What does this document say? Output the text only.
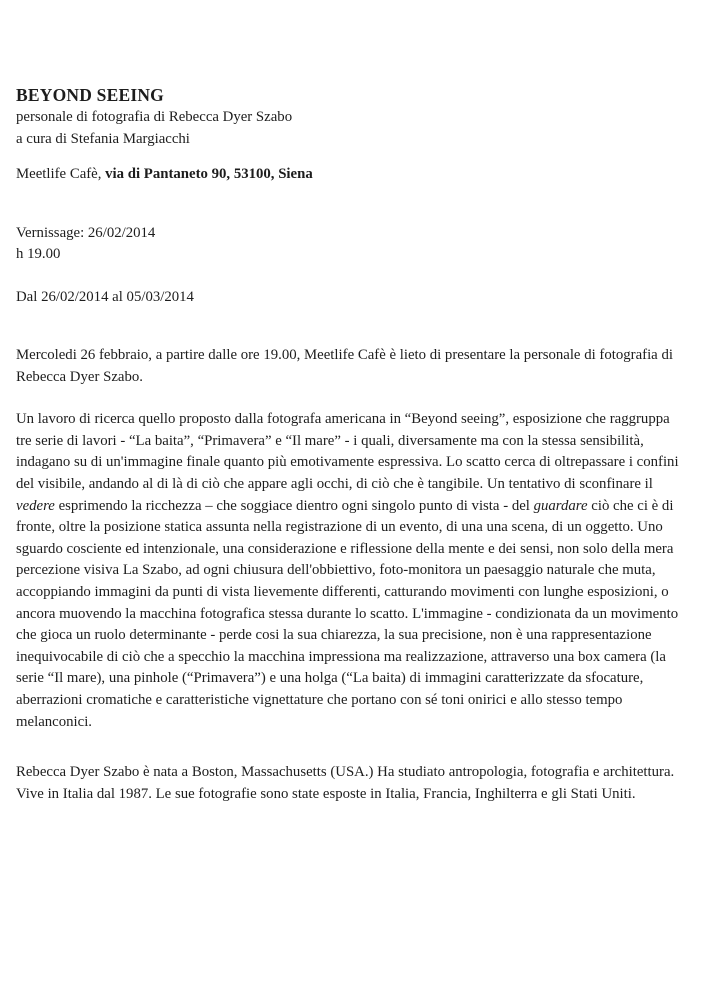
BEYOND SEEING

personale di fotografia di Rebecca Dyer Szabo

a cura di Stefania Margiacchi

Meetlife Cafè, via di Pantaneto 90, 53100, Siena

Vernissage: 26/02/2014

h 19.00

Dal 26/02/2014 al 05/03/2014

Mercoledi 26 febbraio, a partire dalle ore 19.00, Meetlife Cafè è lieto di presentare la personale di fotografia di Rebecca Dyer Szabo.

Un lavoro di ricerca quello proposto dalla fotografa americana in “Beyond seeing”, esposizione che raggruppa tre serie di lavori - “La baita”, “Primavera” e “Il mare” - i quali, diversamente ma con la stessa sensibilità, indagano su di un'immagine finale quanto più emotivamente espressiva. Lo scatto cerca di oltrepassare i confini del visibile, andando al di là di ciò che appare agli occhi, di ciò che è tangibile. Un tentativo di sconfinare il vedere esprimendo la ricchezza – che soggiace dientro ogni singolo punto di vista - del guardare ciò che ci è di fronte, oltre la posizione statica assunta nella registrazione di un evento, di una una scena, di un oggetto. Uno sguardo cosciente ed intenzionale, una considerazione e riflessione della mente e dei sensi, non solo della mera percezione visiva La Szabo, ad ogni chiusura dell'obbiettivo, foto-monitora un paesaggio naturale che muta, accoppiando immagini da punti di vista lievemente differenti, catturando movimenti con lunghe esposizioni, o ancora muovendo la macchina fotografica stessa durante lo scatto. L'immagine - condizionata da un movimento che gioca un ruolo determinante - perde cosi la sua chiarezza, la sua precisione, non è una rappresentazione inequivocabile di ciò che a specchio la macchina impressiona ma realizzazione, attraverso una box camera (la serie “Il mare), una pinhole (“Primavera”) e una holga (“La baita) di immagini caratterizzate da sfocature, aberrazioni cromatiche e caratteristiche vignettature che portano con sé toni onirici e allo stesso tempo melanconici.

Rebecca Dyer Szabo è nata a Boston, Massachusetts (USA.) Ha studiato antropologia, fotografia e architettura. Vive in Italia dal 1987. Le sue fotografie sono state esposte in Italia, Francia, Inghilterra e gli Stati Uniti.
